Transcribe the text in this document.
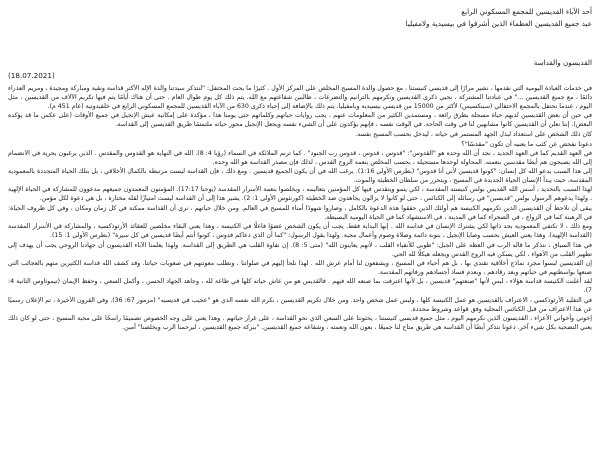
أحد الآباء القديسين للمجمع المسكوني الرابع

عيد جميع القديسين العظماء الذين أشرقوا في بيسيدية ولامفيليا

القديسون والقداسة
(18.07.2021)

في خدمات العبادة اليومية التي نقدمها ، نشير مرارًا إلى قديسي كنيستنا ، مع حصول والدة المسيح المخلص على المركز الأول . كثيرًا ما يحث المحتفل: "لنتذكر سيدتنا والدة الإله الأكثر قداسة ونقية ومباركة ومجيدة ، ومريم العذراء دائمًا ، مع جميع القديسين ..." في عبادتنا المشتركة ، نحيي ذكرى القديسين ونكرمهم بالترانيم والتضرعات ، طالبين شفاعتهم مع الله. يتم ذلك كل يوم طوال العام . حتى أن هناك أيامًا يتم فيها تكريم الآلاف من القديسين ، مثل اليوم ، عندما نحتفل بالمجمع الاحتفالي (سينكسيس) لأكثر من 15000 من قديسي بيسيدية وبامفيليا. يتم ذلك بالإضافة إلى إحياء ذكرى 630 من الآباء القديسين للمجمع المسكوني الرابع في خلقيدونية (عام 451 م).

في حين أن بعض القديسين لديهم حياة مسجلة بطرق رائعة ، ومستمدين الكثير من المعلومات عنهم ، يجب روايات حياتهم وكلماتهم حتى يومنا هذا ، مؤكدة على إمكانية عيش الإنجيل في جميع الأوقات (على عكس ما قد يؤكده البعض). إننا نعلن أن القديسين كانوا مشابهين لنا في وقت الحاجة. في الوقت نفسه ، فإنهم يؤكدون على أن الشيء نفسه ويجعل الإنجيل محور حياته ملتمسًا طريق القديسين إلى القداسة.

كان ذلك الشخص على استعداد لبذل الجهد المستمر في حياته ، ليدخل بحسب المسيح نفسه.

دعونا نفحص عن كثب ما يعنيه أن تكون "مقدسًا"؟

في العهد القديم كما في العهد الجديد ، نجد أن الله وحده هو "القدوس": "قدوس ، قدوس ، قدوس رب الجنود" . كما ترنم الملائكة في السماء (رؤيا 4: 8). الله في النهاية هو القدوس والمقدس . الذين يرغبون بحرية في الانضمام إلى الله يصبحون هم أيضًا مقدسين بنعمته. المحاولة لوحدها مستحيلة ، بحسب المخلص بنعمة الروح القدس ، لذلك فإن مصدر القداسة هو الله وحده.

إلى هذا السبب يدعو الله كل إنسان: "كونوا قديسين لأني أنا قدوس" (بطرس الأولى 1:16). يرغب الله في أن يكون الجميع قديسين . ومع ذلك ، فإن القداسة ليست مرتبطة بالكمال الأخلاقي ، بل بتلك الحياة المتجددة بالمعمودية المقدسة، حيث يبدأ الإنسان الحياة الجديدة في المسيح ، ويتحرر من سلطان الخطيئة والموت.

لهذا السبب بالتحديد ، أسس الله القديس بولس كنيسته المقدسة ، لكي ينمو ويتقدس فيها كل المؤمنين بتعاليمه ، ويخلصوا بنعمة الأسرار المقدسة (يوحنا 17:17). المؤمنون المعمدون جميعهم مدعوون للمشاركة في الحياة الإلهية ، ولهذا يدعوهم الرسول بولس "قديسين" في رسائله إلى الكنائس ، حتى لو كانوا لا يزالون يجاهدون ضد الخطيئة (كورنثوس الأولى 1: 2). يشير هذا إلى أن القداسة ليست امتيازًا لقلة مختارة ، بل هي دعوة لكل مؤمن.

يبقى أن نلاحظ أن القديسين الذين تكرمهم الكنيسة هم أولئك الذين حققوا هذه الدعوة بالكامل ، وصاروا شهودًا أمناء للمسيح في العالم. ومن خلال حياتهم ، نرى أن القداسة ممكنة في كل زمان ومكان ، وفي كل ظروف الحياة: في الرهبنة كما في الزواج ، في الصحراء كما في المدينة ، في الاستشهاد كما في الحياة اليومية البسيطة.

ومع ذلك ، لا تكتفي المعمودية بحد ذاتها لكي يشترك الإنسان في قداسة الله . إنها البداية فقط. يجب أن يكون الشخص عضوًا فاعلًا في الكنيسة ، وهذا يعني البقاء مخلصين للعقائد الأرثوذكسية ، والمشاركة في الأسرار المقدسة (القداسة الإلهية). وهذا يعني العيش بحسب وصايا الإنجيل ، بتوبة دائمة وصلاة وصوم وأعمال محبة. ولهذا يقول الرسول: "كما أن الذي دعاكم قدوس ، كونوا أنتم أيضًا قديسين في كل سيرة" (بطرس الأولى 1: 15).

في هذا السياق ، نتذكر ما قاله الرب في العظة على الجبل: "طوبى للأنقياء القلب ، لأنهم يعاينون الله" (متى 5: 8). إن نقاوة القلب هي الطريق إلى القداسة. ولهذا يعلمنا الآباء القديسون أن جهادنا الروحي يجب أن يهدف إلى تطهير القلب من الأهواء ، لكي يسكن فيه الروح القدس ويجعله هيكلًا لله الحي.

إن القديسين ليسوا مجرد نماذج أخلاقية نقتدي بها ، بل هم أحياء في المسيح ، ويشفعون لنا أمام عرش الله . لهذا نلجأ إليهم في صلواتنا ، ونطلب معونتهم في صعوبات حياتنا. وقد كشف الله قداسة الكثيرين منهم بالعجائب التي صنعها بواسطتهم في حياتهم وبعد رقادهم ، وبعدم فساد أجسادهم ورفاتهم المقدسة.

لقد أعلنت الكنيسة قداسة هؤلاء ، ليس لأنها "صنعتهم" قديسين ، بل لأنها اعترفت بما صنعه الله فيهم . فالقديس هو من عاش حياته كلها في طاعة لله ، وجاهد الجهاد الحسن ، وأكمل السعي ، وحفظ الإيمان (تيموثاوس الثانية 4: 7).

في التقليد الأرثوذكسي ، الاعتراف بالقديسين هو عمل الكنيسة كلها ، وليس عمل شخص واحد. ومن خلال تكريم القديسين ، نكرم الله نفسه الذي هو "عجيب في قديسيه" (مزمور 67: 36). وفي القرون الأخيرة ، تم الإعلان رسميًا عن هذا الاعتراف من قبل الكنائس المحلية وفق قواعد وشروط محددة.

إخوتي وأخواتي الأعزاء ، القديسون الذين نكرمهم اليوم ، مثل جميع قديسي كنيستنا ، يحثوننا على السعي الذي نحو القداسة ، على غرار حياتهم . وهذا يعني على وجه الخصوص تصميمًا راسخًا على محبة المسيح ، حتى لو كان ذلك يعني التضحية بكل شيء آخر. دعونا نتذكر أيضًا أن القداسة هي طريق متاح لنا جميعًا ، بعون الله ونعمته ، وشفاعة جميع القديسين. "ببركة جميع القديسين ، ليرحمنا الرب ويخلصنا" آمين.
